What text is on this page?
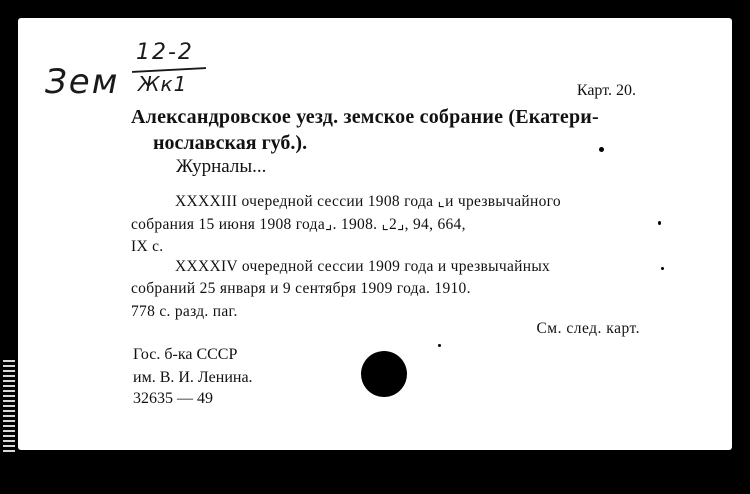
Зем
12-2
Жк1	Карт. 20.
Александровское уезд. земское собрание (Екатери-
нославская губ.).
Журналы...
XXXXIII очередной сессии 1908 года ⌞и чрезвычайного
собрания 15 июня 1908 года⌟. 1908. ⌞2⌟, 94, 664,
IX с.
XXXXIV очередной сессии 1909 года и чрезвычайных
собраний 25 января и 9 сентября 1909 года. 1910.
778 с. разд. паг.
См. след. карт.
Гос. б-ка СССР
им. В. И. Ленина.
32635 — 49
